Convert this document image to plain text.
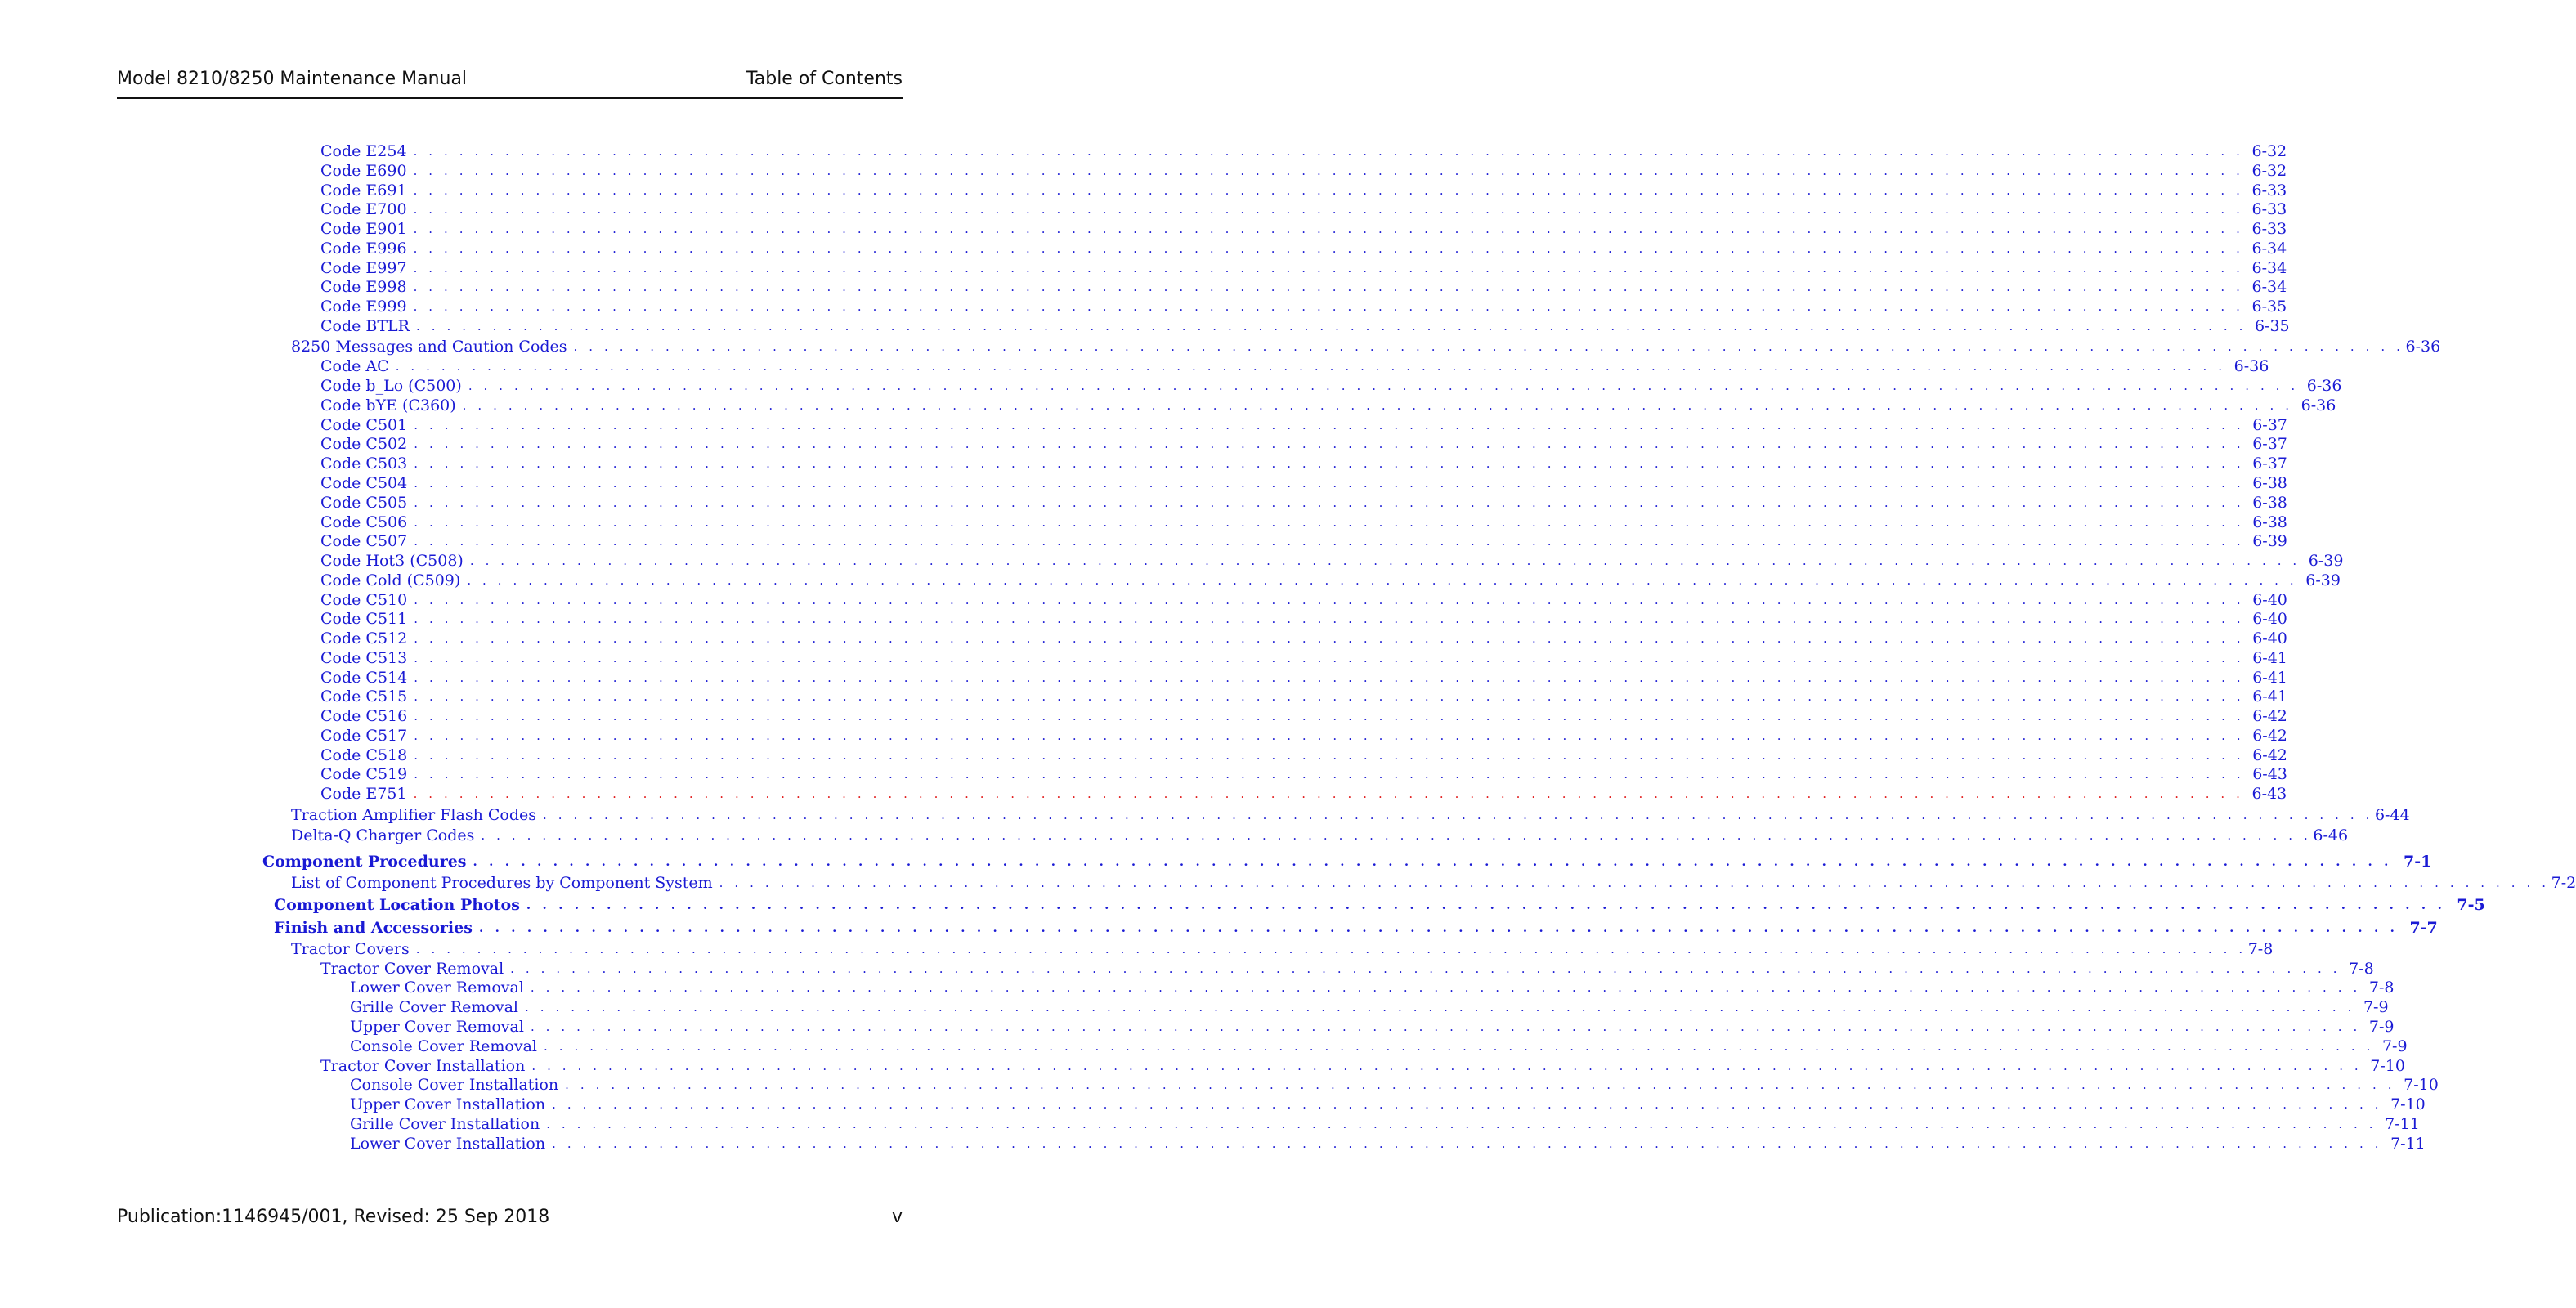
Model 8210/8250 Maintenance Manual	Table of Contents
Code E254 . . . . . . . . . . . . . . . . . . . . . . . . . . . . . . . . . . . . . . . . . . . . . . . . . . . . . . . . . . . . . . . . . . . . . . . . . . . . . . . . . . . . . . . . . . . . . . . . . . . . . . . . . . . . . . . . . . . . . . . . 6-32
Code E690 . . . . . . . . . . . . . . . . . . . . . . . . . . . . . . . . . . . . . . . . . . . . . . . . . . . . . . . . . . . . . . . . . . . . . . . . . . . . . . . . . . . . . . . . . . . . . . . . . . . . . . . . . . . . . . . . . . . . . . . . 6-32
Code E691 . . . . . . . . . . . . . . . . . . . . . . . . . . . . . . . . . . . . . . . . . . . . . . . . . . . . . . . . . . . . . . . . . . . . . . . . . . . . . . . . . . . . . . . . . . . . . . . . . . . . . . . . . . . . . . . . . . . . . . . . 6-33
Code E700 . . . . . . . . . . . . . . . . . . . . . . . . . . . . . . . . . . . . . . . . . . . . . . . . . . . . . . . . . . . . . . . . . . . . . . . . . . . . . . . . . . . . . . . . . . . . . . . . . . . . . . . . . . . . . . . . . . . . . . . . 6-33
Code E901 . . . . . . . . . . . . . . . . . . . . . . . . . . . . . . . . . . . . . . . . . . . . . . . . . . . . . . . . . . . . . . . . . . . . . . . . . . . . . . . . . . . . . . . . . . . . . . . . . . . . . . . . . . . . . . . . . . . . . . . . 6-33
Code E996 . . . . . . . . . . . . . . . . . . . . . . . . . . . . . . . . . . . . . . . . . . . . . . . . . . . . . . . . . . . . . . . . . . . . . . . . . . . . . . . . . . . . . . . . . . . . . . . . . . . . . . . . . . . . . . . . . . . . . . . . 6-34
Code E997 . . . . . . . . . . . . . . . . . . . . . . . . . . . . . . . . . . . . . . . . . . . . . . . . . . . . . . . . . . . . . . . . . . . . . . . . . . . . . . . . . . . . . . . . . . . . . . . . . . . . . . . . . . . . . . . . . . . . . . . . 6-34
Code E998 . . . . . . . . . . . . . . . . . . . . . . . . . . . . . . . . . . . . . . . . . . . . . . . . . . . . . . . . . . . . . . . . . . . . . . . . . . . . . . . . . . . . . . . . . . . . . . . . . . . . . . . . . . . . . . . . . . . . . . . . 6-34
Code E999 . . . . . . . . . . . . . . . . . . . . . . . . . . . . . . . . . . . . . . . . . . . . . . . . . . . . . . . . . . . . . . . . . . . . . . . . . . . . . . . . . . . . . . . . . . . . . . . . . . . . . . . . . . . . . . . . . . . . . . . . 6-35
Code BTLR . . . . . . . . . . . . . . . . . . . . . . . . . . . . . . . . . . . . . . . . . . . . . . . . . . . . . . . . . . . . . . . . . . . . . . . . . . . . . . . . . . . . . . . . . . . . . . . . . . . . . . . . . . . . . . . . . . . . . . . . 6-35
8250 Messages and Caution Codes . . . . . . . . . . . . . . . . . . . . . . . . . . . . . . . . . . . . . . . . . . . . . . . . . . . . . . . . . . . . . . . . . . . . . . . . . . . . . . . . . . . . . . . . . . . . . . . . . . . . . . . . . . . . . . . . . . . . . . . . 6-36
Code AC . . . . . . . . . . . . . . . . . . . . . . . . . . . . . . . . . . . . . . . . . . . . . . . . . . . . . . . . . . . . . . . . . . . . . . . . . . . . . . . . . . . . . . . . . . . . . . . . . . . . . . . . . . . . . . . . . . . . . . . . 6-36
Code b_Lo (C500) . . . . . . . . . . . . . . . . . . . . . . . . . . . . . . . . . . . . . . . . . . . . . . . . . . . . . . . . . . . . . . . . . . . . . . . . . . . . . . . . . . . . . . . . . . . . . . . . . . . . . . . . . . . . . . . . . . . . . . . . 6-36
Code bYE (C360) . . . . . . . . . . . . . . . . . . . . . . . . . . . . . . . . . . . . . . . . . . . . . . . . . . . . . . . . . . . . . . . . . . . . . . . . . . . . . . . . . . . . . . . . . . . . . . . . . . . . . . . . . . . . . . . . . . . . . . . . 6-36
Code C501 . . . . . . . . . . . . . . . . . . . . . . . . . . . . . . . . . . . . . . . . . . . . . . . . . . . . . . . . . . . . . . . . . . . . . . . . . . . . . . . . . . . . . . . . . . . . . . . . . . . . . . . . . . . . . . . . . . . . . . . . 6-37
Code C502 . . . . . . . . . . . . . . . . . . . . . . . . . . . . . . . . . . . . . . . . . . . . . . . . . . . . . . . . . . . . . . . . . . . . . . . . . . . . . . . . . . . . . . . . . . . . . . . . . . . . . . . . . . . . . . . . . . . . . . . . 6-37
Code C503 . . . . . . . . . . . . . . . . . . . . . . . . . . . . . . . . . . . . . . . . . . . . . . . . . . . . . . . . . . . . . . . . . . . . . . . . . . . . . . . . . . . . . . . . . . . . . . . . . . . . . . . . . . . . . . . . . . . . . . . . 6-37
Code C504 . . . . . . . . . . . . . . . . . . . . . . . . . . . . . . . . . . . . . . . . . . . . . . . . . . . . . . . . . . . . . . . . . . . . . . . . . . . . . . . . . . . . . . . . . . . . . . . . . . . . . . . . . . . . . . . . . . . . . . . . 6-38
Code C505 . . . . . . . . . . . . . . . . . . . . . . . . . . . . . . . . . . . . . . . . . . . . . . . . . . . . . . . . . . . . . . . . . . . . . . . . . . . . . . . . . . . . . . . . . . . . . . . . . . . . . . . . . . . . . . . . . . . . . . . . 6-38
Code C506 . . . . . . . . . . . . . . . . . . . . . . . . . . . . . . . . . . . . . . . . . . . . . . . . . . . . . . . . . . . . . . . . . . . . . . . . . . . . . . . . . . . . . . . . . . . . . . . . . . . . . . . . . . . . . . . . . . . . . . . . 6-38
Code C507 . . . . . . . . . . . . . . . . . . . . . . . . . . . . . . . . . . . . . . . . . . . . . . . . . . . . . . . . . . . . . . . . . . . . . . . . . . . . . . . . . . . . . . . . . . . . . . . . . . . . . . . . . . . . . . . . . . . . . . . . 6-39
Code Hot3 (C508) . . . . . . . . . . . . . . . . . . . . . . . . . . . . . . . . . . . . . . . . . . . . . . . . . . . . . . . . . . . . . . . . . . . . . . . . . . . . . . . . . . . . . . . . . . . . . . . . . . . . . . . . . . . . . . . . . . . . . . . . 6-39
Code Cold (C509) . . . . . . . . . . . . . . . . . . . . . . . . . . . . . . . . . . . . . . . . . . . . . . . . . . . . . . . . . . . . . . . . . . . . . . . . . . . . . . . . . . . . . . . . . . . . . . . . . . . . . . . . . . . . . . . . . . . . . . . . 6-39
Code C510 . . . . . . . . . . . . . . . . . . . . . . . . . . . . . . . . . . . . . . . . . . . . . . . . . . . . . . . . . . . . . . . . . . . . . . . . . . . . . . . . . . . . . . . . . . . . . . . . . . . . . . . . . . . . . . . . . . . . . . . . 6-40
Code C511 . . . . . . . . . . . . . . . . . . . . . . . . . . . . . . . . . . . . . . . . . . . . . . . . . . . . . . . . . . . . . . . . . . . . . . . . . . . . . . . . . . . . . . . . . . . . . . . . . . . . . . . . . . . . . . . . . . . . . . . . 6-40
Code C512 . . . . . . . . . . . . . . . . . . . . . . . . . . . . . . . . . . . . . . . . . . . . . . . . . . . . . . . . . . . . . . . . . . . . . . . . . . . . . . . . . . . . . . . . . . . . . . . . . . . . . . . . . . . . . . . . . . . . . . . . 6-40
Code C513 . . . . . . . . . . . . . . . . . . . . . . . . . . . . . . . . . . . . . . . . . . . . . . . . . . . . . . . . . . . . . . . . . . . . . . . . . . . . . . . . . . . . . . . . . . . . . . . . . . . . . . . . . . . . . . . . . . . . . . . . 6-41
Code C514 . . . . . . . . . . . . . . . . . . . . . . . . . . . . . . . . . . . . . . . . . . . . . . . . . . . . . . . . . . . . . . . . . . . . . . . . . . . . . . . . . . . . . . . . . . . . . . . . . . . . . . . . . . . . . . . . . . . . . . . . 6-41
Code C515 . . . . . . . . . . . . . . . . . . . . . . . . . . . . . . . . . . . . . . . . . . . . . . . . . . . . . . . . . . . . . . . . . . . . . . . . . . . . . . . . . . . . . . . . . . . . . . . . . . . . . . . . . . . . . . . . . . . . . . . . 6-41
Code C516 . . . . . . . . . . . . . . . . . . . . . . . . . . . . . . . . . . . . . . . . . . . . . . . . . . . . . . . . . . . . . . . . . . . . . . . . . . . . . . . . . . . . . . . . . . . . . . . . . . . . . . . . . . . . . . . . . . . . . . . . 6-42
Code C517 . . . . . . . . . . . . . . . . . . . . . . . . . . . . . . . . . . . . . . . . . . . . . . . . . . . . . . . . . . . . . . . . . . . . . . . . . . . . . . . . . . . . . . . . . . . . . . . . . . . . . . . . . . . . . . . . . . . . . . . . 6-42
Code C518 . . . . . . . . . . . . . . . . . . . . . . . . . . . . . . . . . . . . . . . . . . . . . . . . . . . . . . . . . . . . . . . . . . . . . . . . . . . . . . . . . . . . . . . . . . . . . . . . . . . . . . . . . . . . . . . . . . . . . . . . 6-42
Code C519 . . . . . . . . . . . . . . . . . . . . . . . . . . . . . . . . . . . . . . . . . . . . . . . . . . . . . . . . . . . . . . . . . . . . . . . . . . . . . . . . . . . . . . . . . . . . . . . . . . . . . . . . . . . . . . . . . . . . . . . . 6-43
Code E751 . . . . . . . . . . . . . . . . . . . . . . . . . . . . . . . . . . . . . . . . . . . . . . . . . . . . . . . . . . . . . . . . . . . . . . . . . . . . . . . . . . . . . . . . . . . . . . . . . . . . . . . . . . . . . . . . . . . . . . . . 6-43
Traction Amplifier Flash Codes . . . . . . . . . . . . . . . . . . . . . . . . . . . . . . . . . . . . . . . . . . . . . . . . . . . . . . . . . . . . . . . . . . . . . . . . . . . . . . . . . . . . . . . . . . . . . . . . . . . . . . . . . . . . . . . . . . . . . . . . 6-44
Delta-Q Charger Codes . . . . . . . . . . . . . . . . . . . . . . . . . . . . . . . . . . . . . . . . . . . . . . . . . . . . . . . . . . . . . . . . . . . . . . . . . . . . . . . . . . . . . . . . . . . . . . . . . . . . . . . . . . . . . . . . . . . . . . . . 6-46
Component Procedures . . . . . . . . . . . . . . . . . . . . . . . . . . . . . . . . . . . . . . . . . . . . . . . . . . . . . . . . . . . . . . . . . . . . . . . . . . . . . . . . . . . . . . . . . . . . . . . . . . . . . . . . . . . . . . . . . . . . . . . . 7-1
List of Component Procedures by Component System . . . . . . . . . . . . . . . . . . . . . . . . . . . . . . . . . . . . . . . . . . . . . . . . . . . . . . . . . . . . . . . . . . . . . . . . . . . . . . . . . . . . . . . . . . . . . . . . . . . . . . . . . . . . . . . . . . . . . . . . 7-2
Component Location Photos . . . . . . . . . . . . . . . . . . . . . . . . . . . . . . . . . . . . . . . . . . . . . . . . . . . . . . . . . . . . . . . . . . . . . . . . . . . . . . . . . . . . . . . . . . . . . . . . . . . . . . . . . . . . . . . . . . . . . . . . 7-5
Finish and Accessories . . . . . . . . . . . . . . . . . . . . . . . . . . . . . . . . . . . . . . . . . . . . . . . . . . . . . . . . . . . . . . . . . . . . . . . . . . . . . . . . . . . . . . . . . . . . . . . . . . . . . . . . . . . . . . . . . . . . . . . . 7-7
Tractor Covers . . . . . . . . . . . . . . . . . . . . . . . . . . . . . . . . . . . . . . . . . . . . . . . . . . . . . . . . . . . . . . . . . . . . . . . . . . . . . . . . . . . . . . . . . . . . . . . . . . . . . . . . . . . . . . . . . . . . . . . . 7-8
Tractor Cover Removal . . . . . . . . . . . . . . . . . . . . . . . . . . . . . . . . . . . . . . . . . . . . . . . . . . . . . . . . . . . . . . . . . . . . . . . . . . . . . . . . . . . . . . . . . . . . . . . . . . . . . . . . . . . . . . . . . . . . . . . . 7-8
Lower Cover Removal . . . . . . . . . . . . . . . . . . . . . . . . . . . . . . . . . . . . . . . . . . . . . . . . . . . . . . . . . . . . . . . . . . . . . . . . . . . . . . . . . . . . . . . . . . . . . . . . . . . . . . . . . . . . . . . . . . . . . . . . 7-8
Grille Cover Removal . . . . . . . . . . . . . . . . . . . . . . . . . . . . . . . . . . . . . . . . . . . . . . . . . . . . . . . . . . . . . . . . . . . . . . . . . . . . . . . . . . . . . . . . . . . . . . . . . . . . . . . . . . . . . . . . . . . . . . . . 7-9
Upper Cover Removal . . . . . . . . . . . . . . . . . . . . . . . . . . . . . . . . . . . . . . . . . . . . . . . . . . . . . . . . . . . . . . . . . . . . . . . . . . . . . . . . . . . . . . . . . . . . . . . . . . . . . . . . . . . . . . . . . . . . . . . . 7-9
Console Cover Removal . . . . . . . . . . . . . . . . . . . . . . . . . . . . . . . . . . . . . . . . . . . . . . . . . . . . . . . . . . . . . . . . . . . . . . . . . . . . . . . . . . . . . . . . . . . . . . . . . . . . . . . . . . . . . . . . . . . . . . . . 7-9
Tractor Cover Installation . . . . . . . . . . . . . . . . . . . . . . . . . . . . . . . . . . . . . . . . . . . . . . . . . . . . . . . . . . . . . . . . . . . . . . . . . . . . . . . . . . . . . . . . . . . . . . . . . . . . . . . . . . . . . . . . . . . . . . . . 7-10
Console Cover Installation . . . . . . . . . . . . . . . . . . . . . . . . . . . . . . . . . . . . . . . . . . . . . . . . . . . . . . . . . . . . . . . . . . . . . . . . . . . . . . . . . . . . . . . . . . . . . . . . . . . . . . . . . . . . . . . . . . . . . . . . 7-10
Upper Cover Installation . . . . . . . . . . . . . . . . . . . . . . . . . . . . . . . . . . . . . . . . . . . . . . . . . . . . . . . . . . . . . . . . . . . . . . . . . . . . . . . . . . . . . . . . . . . . . . . . . . . . . . . . . . . . . . . . . . . . . . . . 7-10
Grille Cover Installation . . . . . . . . . . . . . . . . . . . . . . . . . . . . . . . . . . . . . . . . . . . . . . . . . . . . . . . . . . . . . . . . . . . . . . . . . . . . . . . . . . . . . . . . . . . . . . . . . . . . . . . . . . . . . . . . . . . . . . . . 7-11
Lower Cover Installation . . . . . . . . . . . . . . . . . . . . . . . . . . . . . . . . . . . . . . . . . . . . . . . . . . . . . . . . . . . . . . . . . . . . . . . . . . . . . . . . . . . . . . . . . . . . . . . . . . . . . . . . . . . . . . . . . . . . . . . . 7-11
Publication:1146945/001, Revised: 25 Sep 2018	v
